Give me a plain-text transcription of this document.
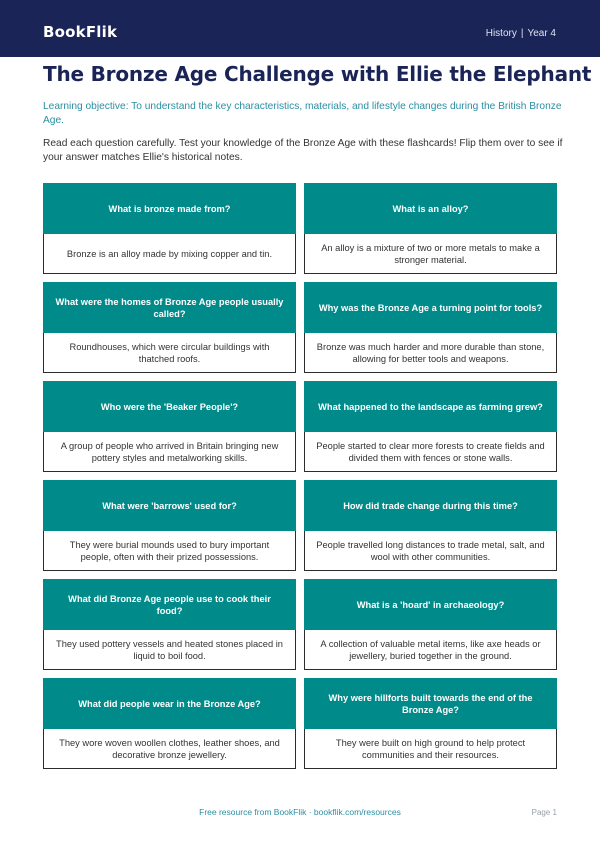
BookFlik	History | Year 4
The Bronze Age Challenge with Ellie the Elephant
Learning objective: To understand the key characteristics, materials, and lifestyle changes during the British Bronze Age.
Read each question carefully. Test your knowledge of the Bronze Age with these flashcards! Flip them over to see if your answer matches Ellie's historical notes.
What is bronze made from?
Bronze is an alloy made by mixing copper and tin.
What is an alloy?
An alloy is a mixture of two or more metals to make a stronger material.
What were the homes of Bronze Age people usually called?
Roundhouses, which were circular buildings with thatched roofs.
Why was the Bronze Age a turning point for tools?
Bronze was much harder and more durable than stone, allowing for better tools and weapons.
Who were the 'Beaker People'?
A group of people who arrived in Britain bringing new pottery styles and metalworking skills.
What happened to the landscape as farming grew?
People started to clear more forests to create fields and divided them with fences or stone walls.
What were 'barrows' used for?
They were burial mounds used to bury important people, often with their prized possessions.
How did trade change during this time?
People travelled long distances to trade metal, salt, and wool with other communities.
What did Bronze Age people use to cook their food?
They used pottery vessels and heated stones placed in liquid to boil food.
What is a 'hoard' in archaeology?
A collection of valuable metal items, like axe heads or jewellery, buried together in the ground.
What did people wear in the Bronze Age?
They wore woven woollen clothes, leather shoes, and decorative bronze jewellery.
Why were hillforts built towards the end of the Bronze Age?
They were built on high ground to help protect communities and their resources.
Free resource from BookFlik · bookflik.com/resources	Page 1
